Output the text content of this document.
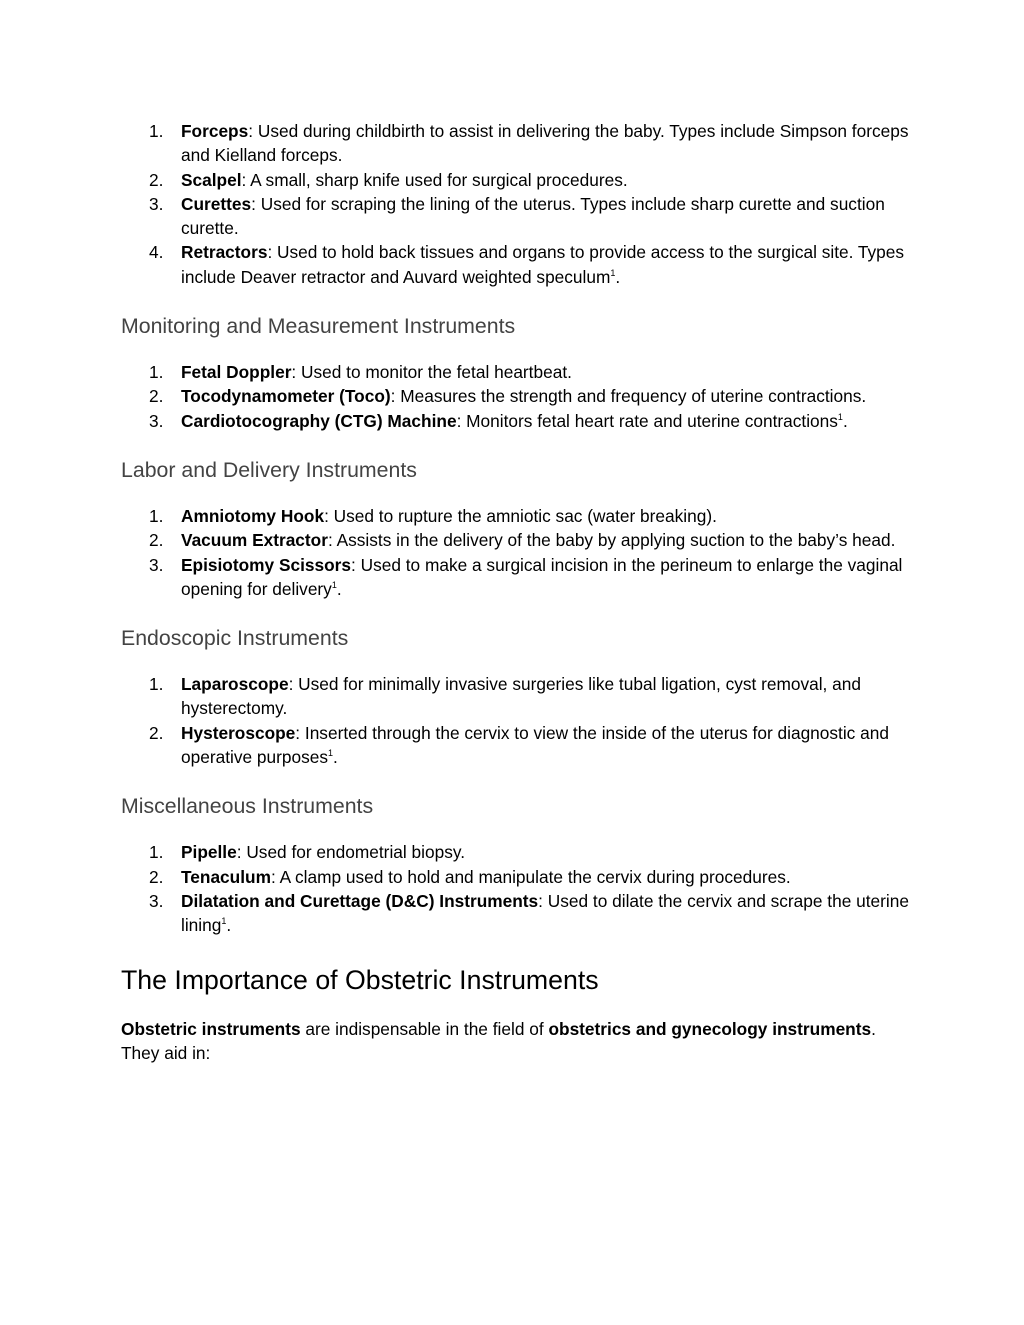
1. Forceps: Used during childbirth to assist in delivering the baby. Types include Simpson forceps and Kielland forceps.
2. Scalpel: A small, sharp knife used for surgical procedures.
3. Curettes: Used for scraping the lining of the uterus. Types include sharp curette and suction curette.
4. Retractors: Used to hold back tissues and organs to provide access to the surgical site. Types include Deaver retractor and Auvard weighted speculum$^1$.
Monitoring and Measurement Instruments
1. Fetal Doppler: Used to monitor the fetal heartbeat.
2. Tocodynamometer (Toco): Measures the strength and frequency of uterine contractions.
3. Cardiotocography (CTG) Machine: Monitors fetal heart rate and uterine contractions$^1$.
Labor and Delivery Instruments
1. Amniotomy Hook: Used to rupture the amniotic sac (water breaking).
2. Vacuum Extractor: Assists in the delivery of the baby by applying suction to the baby’s head.
3. Episiotomy Scissors: Used to make a surgical incision in the perineum to enlarge the vaginal opening for delivery$^1$.
Endoscopic Instruments
1. Laparoscope: Used for minimally invasive surgeries like tubal ligation, cyst removal, and hysterectomy.
2. Hysteroscope: Inserted through the cervix to view the inside of the uterus for diagnostic and operative purposes$^1$.
Miscellaneous Instruments
1. Pipelle: Used for endometrial biopsy.
2. Tenaculum: A clamp used to hold and manipulate the cervix during procedures.
3. Dilatation and Curettage (D&C) Instruments: Used to dilate the cervix and scrape the uterine lining$^1$.
The Importance of Obstetric Instruments

Obstetric instruments are indispensable in the field of obstetrics and gynecology instruments. They aid in:
